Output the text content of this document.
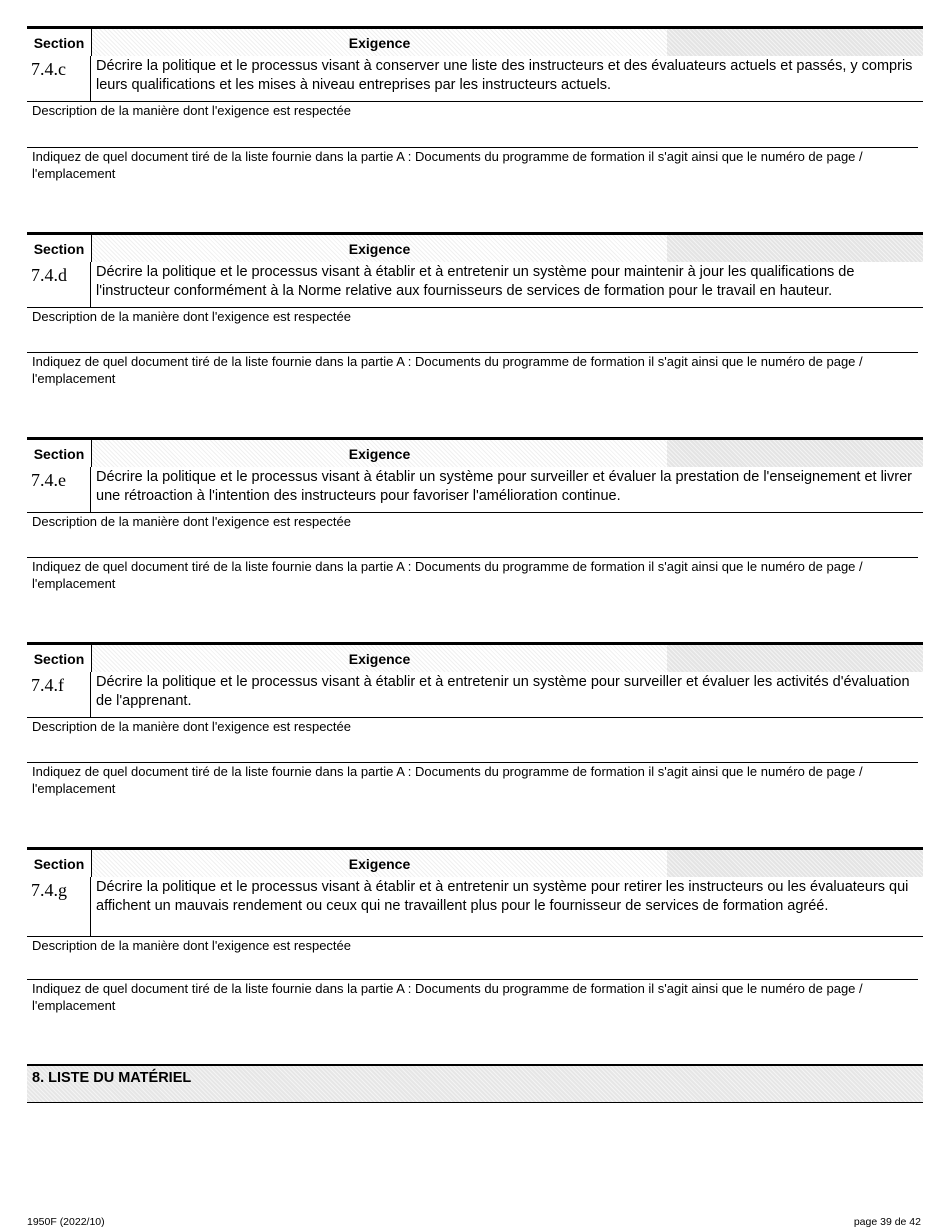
Section	Exigence
7.4.c	Décrire la politique et le processus visant à conserver une liste des instructeurs et des évaluateurs actuels et passés, y compris leurs qualifications et les mises à niveau entreprises par les instructeurs actuels.
Description de la manière dont l'exigence est respectée
Indiquez de quel document tiré de la liste fournie dans la partie A : Documents du programme de formation il s'agit ainsi que le numéro de page / l'emplacement
Section	Exigence
7.4.d	Décrire la politique et le processus visant à établir et à entretenir un système pour maintenir à jour les qualifications de l'instructeur conformément à la Norme relative aux fournisseurs de services de formation pour le travail en hauteur.
Description de la manière dont l'exigence est respectée
Indiquez de quel document tiré de la liste fournie dans la partie A : Documents du programme de formation il s'agit ainsi que le numéro de page / l'emplacement
Section	Exigence
7.4.e	Décrire la politique et le processus visant à établir un système pour surveiller et évaluer la prestation de l'enseignement et livrer une rétroaction à l'intention des instructeurs pour favoriser l'amélioration continue.
Description de la manière dont l'exigence est respectée
Indiquez de quel document tiré de la liste fournie dans la partie A : Documents du programme de formation il s'agit ainsi que le numéro de page / l'emplacement
Section	Exigence
7.4.f	Décrire la politique et le processus visant à établir et à entretenir un système pour surveiller et évaluer les activités d'évaluation de l'apprenant.
Description de la manière dont l'exigence est respectée
Indiquez de quel document tiré de la liste fournie dans la partie A : Documents du programme de formation il s'agit ainsi que le numéro de page / l'emplacement
Section	Exigence
7.4.g	Décrire la politique et le processus visant à établir et à entretenir un système pour retirer les instructeurs ou les évaluateurs qui affichent un mauvais rendement ou ceux qui ne travaillent plus pour le fournisseur de services de formation agréé.
Description de la manière dont l'exigence est respectée
Indiquez de quel document tiré de la liste fournie dans la partie A : Documents du programme de formation il s'agit ainsi que le numéro de page / l'emplacement
8. LISTE DU MATÉRIEL
1950F (2022/10)	page 39 de 42
